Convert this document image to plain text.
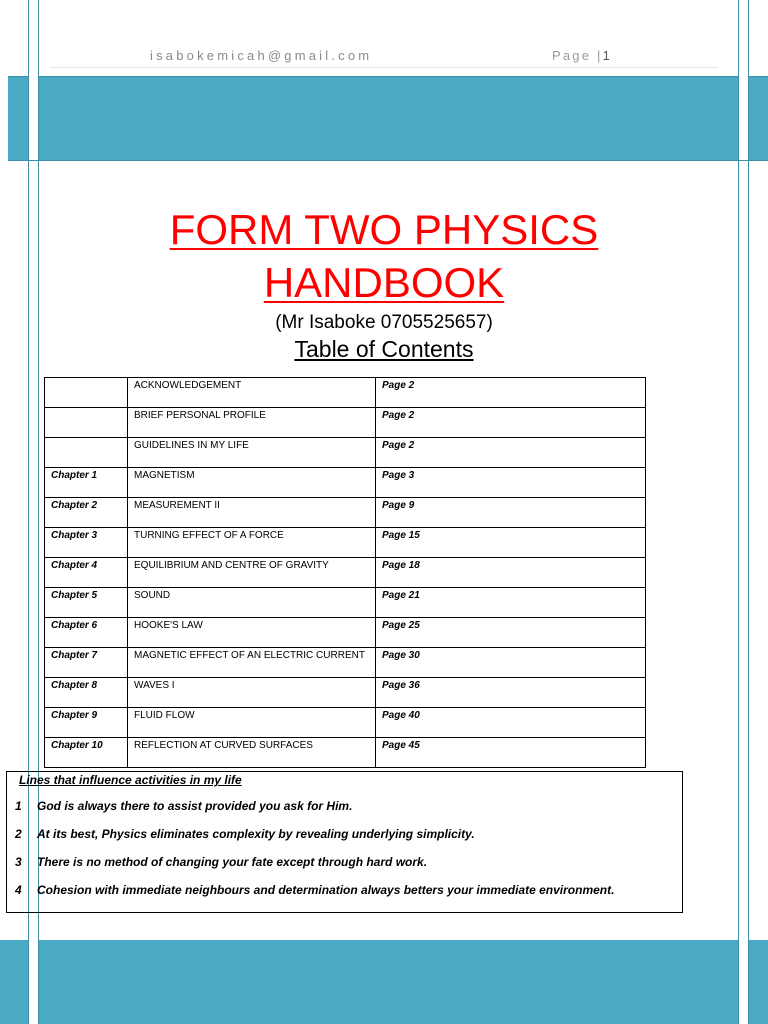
isabokemicah@gmail.com	Page |1
FORM TWO PHYSICS
HANDBOOK
(Mr Isaboke 0705525657)
Table of Contents
	ACKNOWLEDGEMENT	Page 2
	BRIEF PERSONAL PROFILE	Page 2
	GUIDELINES IN MY LIFE	Page 2
Chapter 1	MAGNETISM	Page 3
Chapter 2	MEASUREMENT II	Page 9
Chapter 3	TURNING EFFECT OF A FORCE	Page 15
Chapter 4	EQUILIBRIUM AND CENTRE OF GRAVITY	Page 18
Chapter 5	SOUND	Page 21
Chapter 6	HOOKE'S LAW	Page 25
Chapter 7	MAGNETIC EFFECT OF AN ELECTRIC CURRENT	Page 30
Chapter 8	WAVES I	Page 36
Chapter 9	FLUID FLOW	Page 40
Chapter 10	REFLECTION AT CURVED SURFACES	Page 45
Lines that influence activities in my life
1 God is always there to assist provided you ask for Him.
2 At its best, Physics eliminates complexity by revealing underlying simplicity.
3 There is no method of changing your fate except through hard work.
4 Cohesion with immediate neighbours and determination always betters your immediate environment.
